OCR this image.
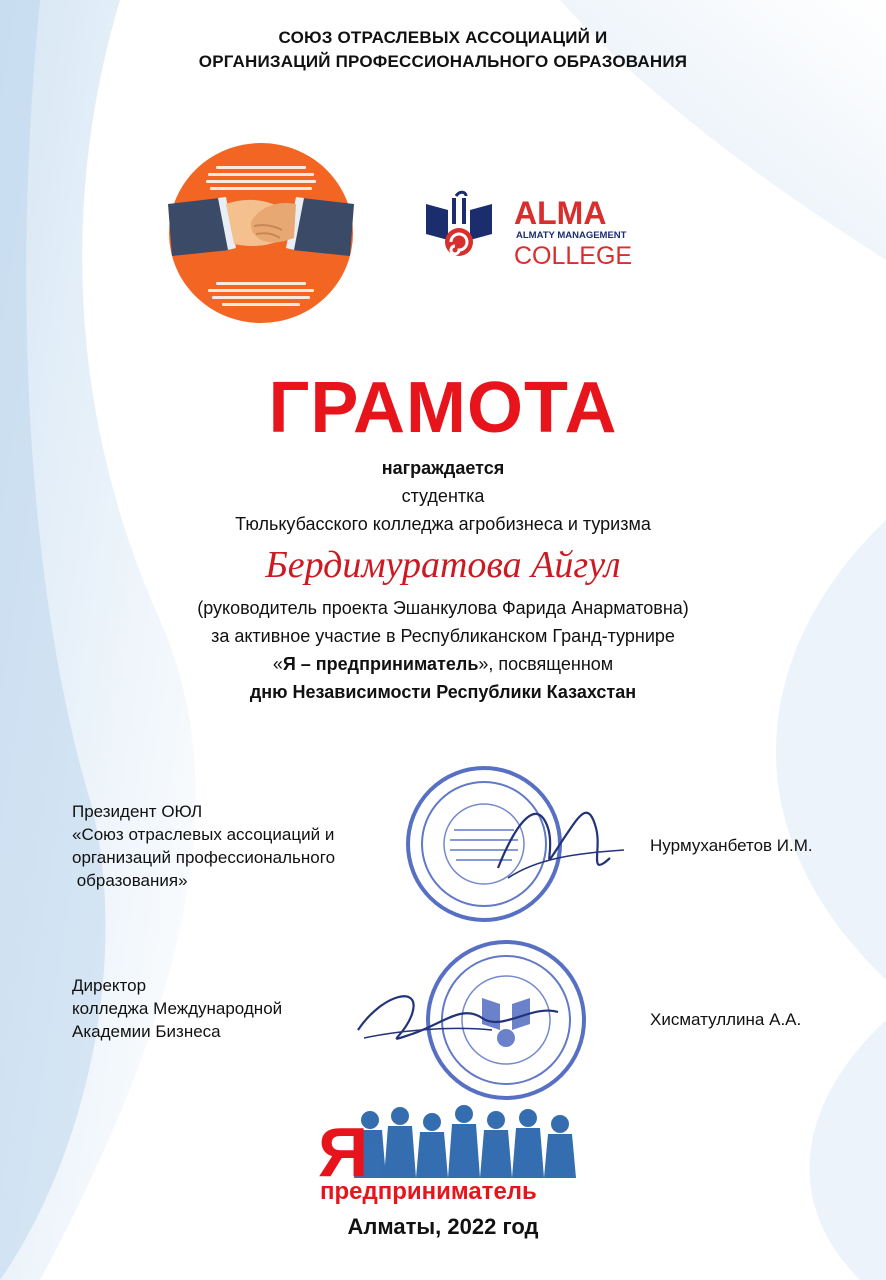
СОЮЗ ОТРАСЛЕВЫХ АССОЦИАЦИЙ И
ОРГАНИЗАЦИЙ ПРОФЕССИОНАЛЬНОГО ОБРАЗОВАНИЯ
ALMA
ALMATY MANAGEMENT
COLLEGE
ГРАМОТА
награждается
студентка
Тюлькубасского колледжа агробизнеса и туризма
Бердимуратова Айгул
(руководитель проекта Эшанкулова Фарида Анарматовна)
за активное участие в Республиканском Гранд-турнире
«Я – предприниматель», посвященном
дню Независимости Республики Казахстан
Президент ОЮЛ
«Союз отраслевых ассоциаций и
организаций профессионального
образования»
Нурмуханбетов И.М.
Директор
колледжа Международной
Академии Бизнеса
Хисматуллина А.А.
Я
предприниматель
Алматы, 2022 год
